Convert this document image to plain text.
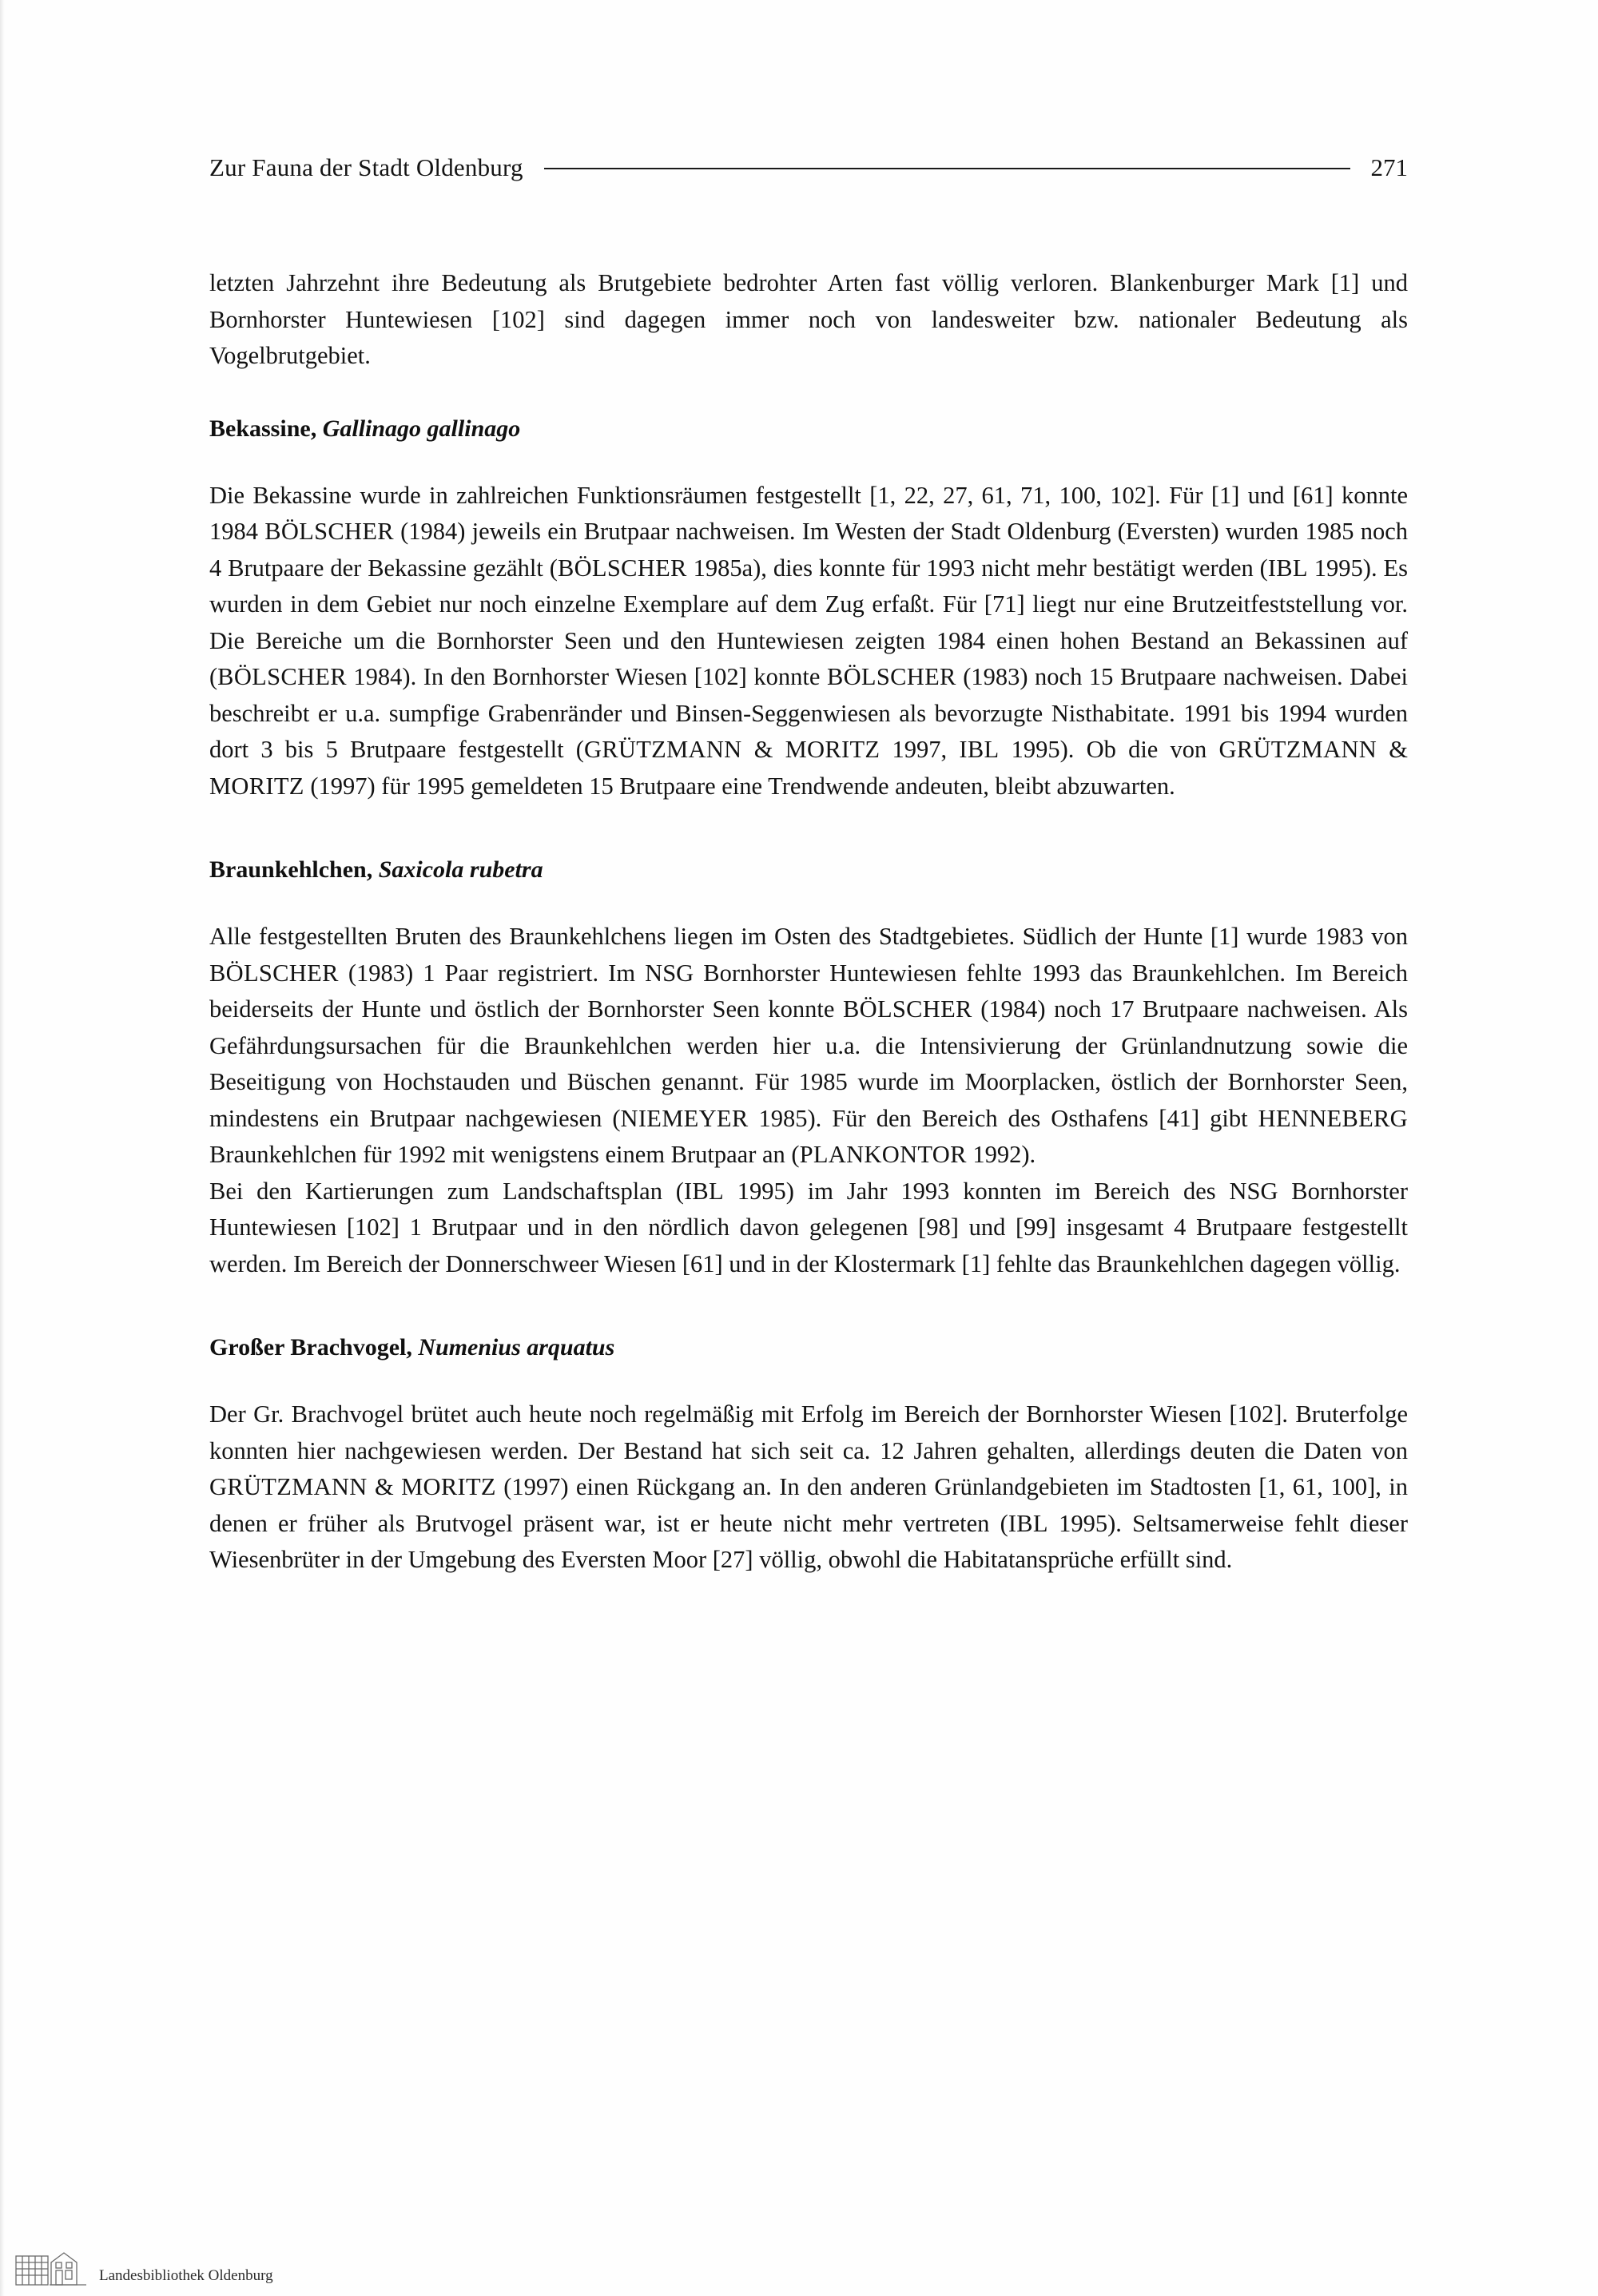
Zur Fauna der Stadt Oldenburg	271

letzten Jahrzehnt ihre Bedeutung als Brutgebiete bedrohter Arten fast völlig verloren. Blankenburger Mark [1] und Bornhorster Huntewiesen [102] sind dagegen immer noch von landesweiter bzw. nationaler Bedeutung als Vogelbrutgebiet.

Bekassine, Gallinago gallinago

Die Bekassine wurde in zahlreichen Funktionsräumen festgestellt [1, 22, 27, 61, 71, 100, 102]. Für [1] und [61] konnte 1984 BÖLSCHER (1984) jeweils ein Brutpaar nachweisen. Im Westen der Stadt Oldenburg (Eversten) wurden 1985 noch 4 Brutpaare der Bekassine gezählt (BÖLSCHER 1985a), dies konnte für 1993 nicht mehr bestätigt werden (IBL 1995). Es wurden in dem Gebiet nur noch einzelne Exemplare auf dem Zug erfaßt. Für [71] liegt nur eine Brutzeitfeststellung vor. Die Bereiche um die Bornhorster Seen und den Huntewiesen zeigten 1984 einen hohen Bestand an Bekassinen auf (BÖLSCHER 1984). In den Bornhorster Wiesen [102] konnte BÖLSCHER (1983) noch 15 Brutpaare nachweisen. Dabei beschreibt er u.a. sumpfige Grabenränder und Binsen-Seggenwiesen als bevorzugte Nisthabitate. 1991 bis 1994 wurden dort 3 bis 5 Brutpaare festgestellt (GRÜTZMANN & MORITZ 1997, IBL 1995). Ob die von GRÜTZMANN & MORITZ (1997) für 1995 gemeldeten 15 Brutpaare eine Trendwende andeuten, bleibt abzuwarten.

Braunkehlchen, Saxicola rubetra

Alle festgestellten Bruten des Braunkehlchens liegen im Osten des Stadtgebietes. Südlich der Hunte [1] wurde 1983 von BÖLSCHER (1983) 1 Paar registriert. Im NSG Bornhorster Huntewiesen fehlte 1993 das Braunkehlchen. Im Bereich beiderseits der Hunte und östlich der Bornhorster Seen konnte BÖLSCHER (1984) noch 17 Brutpaare nachweisen. Als Gefährdungsursachen für die Braunkehlchen werden hier u.a. die Intensivierung der Grünlandnutzung sowie die Beseitigung von Hochstauden und Büschen genannt. Für 1985 wurde im Moorplacken, östlich der Bornhorster Seen, mindestens ein Brutpaar nachgewiesen (NIEMEYER 1985). Für den Bereich des Osthafens [41] gibt HENNEBERG Braunkehlchen für 1992 mit wenigstens einem Brutpaar an (PLANKONTOR 1992).

Bei den Kartierungen zum Landschaftsplan (IBL 1995) im Jahr 1993 konnten im Bereich des NSG Bornhorster Huntewiesen [102] 1 Brutpaar und in den nördlich davon gelegenen [98] und [99] insgesamt 4 Brutpaare festgestellt werden. Im Bereich der Donnerschweer Wiesen [61] und in der Klostermark [1] fehlte das Braunkehlchen dagegen völlig.

Großer Brachvogel, Numenius arquatus

Der Gr. Brachvogel brütet auch heute noch regelmäßig mit Erfolg im Bereich der Bornhorster Wiesen [102]. Bruterfolge konnten hier nachgewiesen werden. Der Bestand hat sich seit ca. 12 Jahren gehalten, allerdings deuten die Daten von GRÜTZMANN & MORITZ (1997) einen Rückgang an. In den anderen Grünlandgebieten im Stadtosten [1, 61, 100], in denen er früher als Brutvogel präsent war, ist er heute nicht mehr vertreten (IBL 1995). Seltsamerweise fehlt dieser Wiesenbrüter in der Umgebung des Eversten Moor [27] völlig, obwohl die Habitatansprüche erfüllt sind.

Landesbibliothek Oldenburg
